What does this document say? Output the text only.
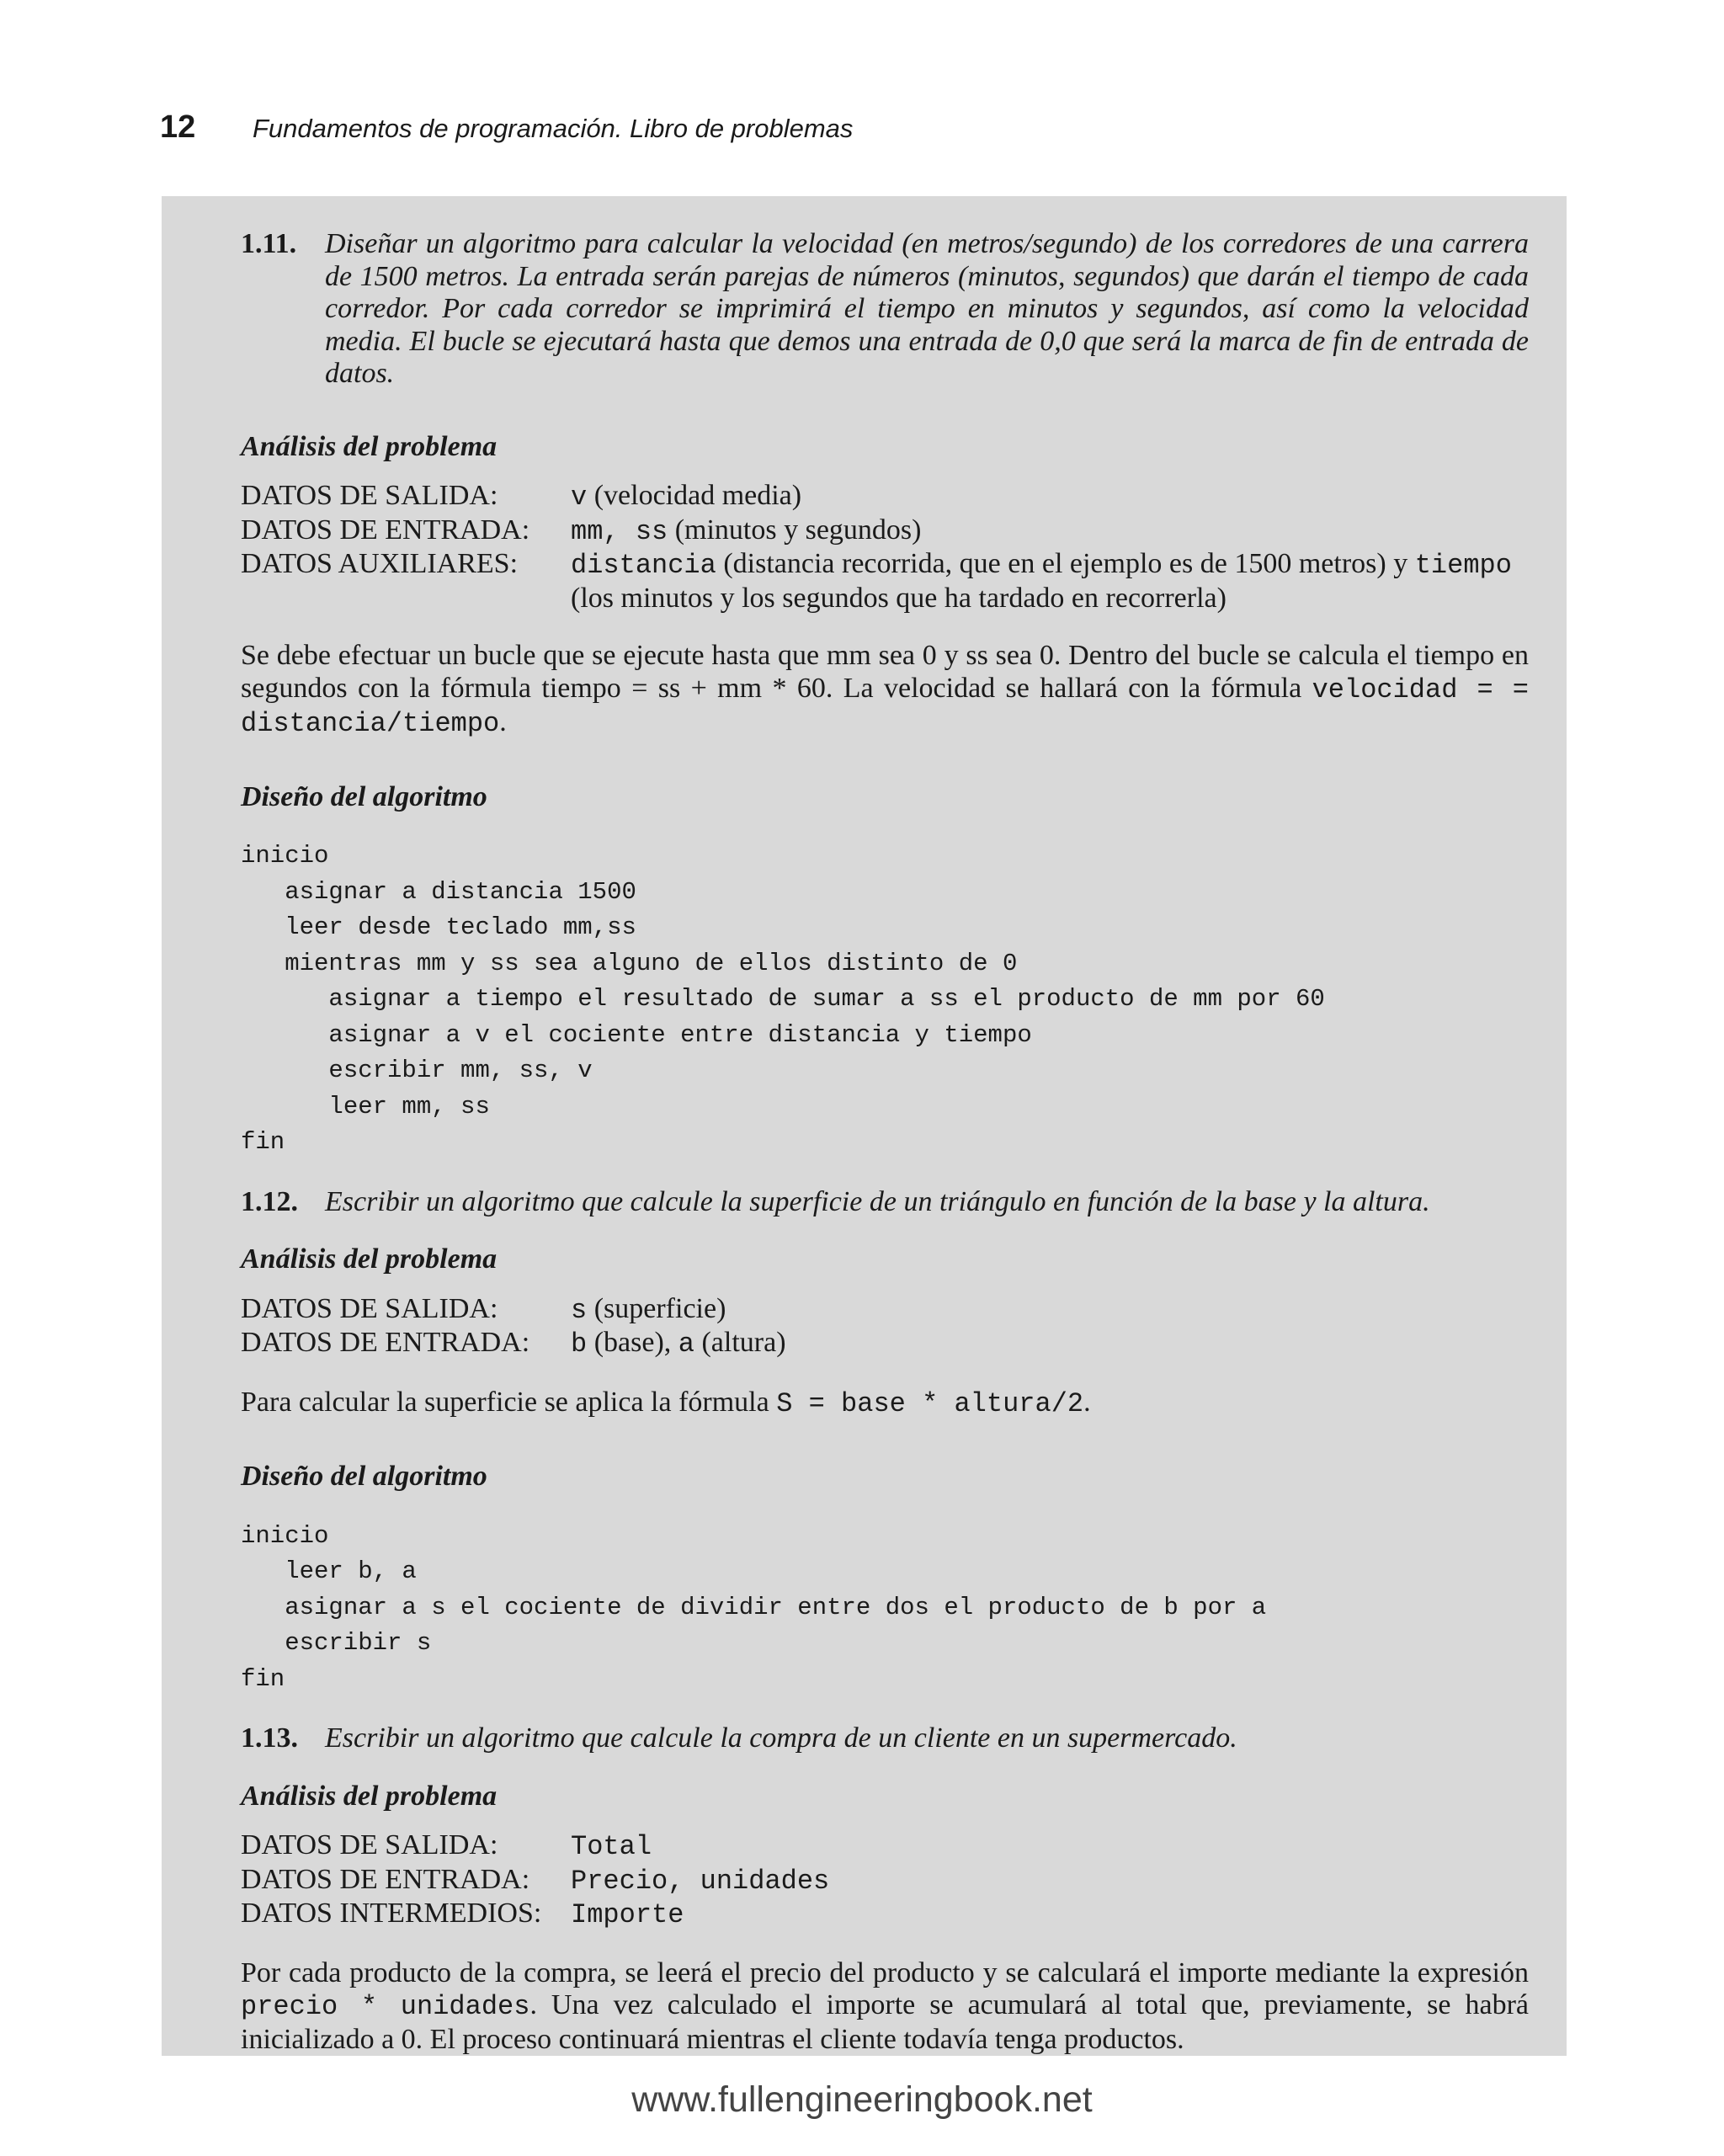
12	Fundamentos de programación. Libro de problemas
1.11. Diseñar un algoritmo para calcular la velocidad (en metros/segundo) de los corredores de una carrera de 1500 metros. La entrada serán parejas de números (minutos, segundos) que darán el tiempo de cada corredor. Por cada corredor se imprimirá el tiempo en minutos y segundos, así como la velocidad media. El bucle se ejecutará hasta que demos una entrada de 0,0 que será la marca de fin de entrada de datos.

Análisis del problema

DATOS DE SALIDA:	v (velocidad media)
DATOS DE ENTRADA:	mm, ss (minutos y segundos)
DATOS AUXILIARES:	distancia (distancia recorrida, que en el ejemplo es de 1500 metros) y tiempo
(los minutos y los segundos que ha tardado en recorrerla)

Se debe efectuar un bucle que se ejecute hasta que mm sea 0 y ss sea 0. Dentro del bucle se calcula el tiempo en segundos con la fórmula tiempo = ss + mm * 60. La velocidad se hallará con la fórmula velocidad = = distancia/tiempo.

Diseño del algoritmo

inicio
asignar a distancia 1500
leer desde teclado mm,ss
mientras mm y ss sea alguno de ellos distinto de 0
asignar a tiempo el resultado de sumar a ss el producto de mm por 60
asignar a v el cociente entre distancia y tiempo
escribir mm, ss, v
leer mm, ss
fin
1.12. Escribir un algoritmo que calcule la superficie de un triángulo en función de la base y la altura.

Análisis del problema

DATOS DE SALIDA:	s (superficie)
DATOS DE ENTRADA:	b (base), a (altura)

Para calcular la superficie se aplica la fórmula S = base * altura/2.

Diseño del algoritmo

inicio
leer b, a
asignar a s el cociente de dividir entre dos el producto de b por a
escribir s
fin
1.13. Escribir un algoritmo que calcule la compra de un cliente en un supermercado.

Análisis del problema

DATOS DE SALIDA:	Total
DATOS DE ENTRADA:	Precio, unidades
DATOS INTERMEDIOS:	Importe

Por cada producto de la compra, se leerá el precio del producto y se calculará el importe mediante la expresión precio * unidades. Una vez calculado el importe se acumulará al total que, previamente, se habrá inicializado a 0. El proceso continuará mientras el cliente todavía tenga productos.

www.fullengineeringbook.net
